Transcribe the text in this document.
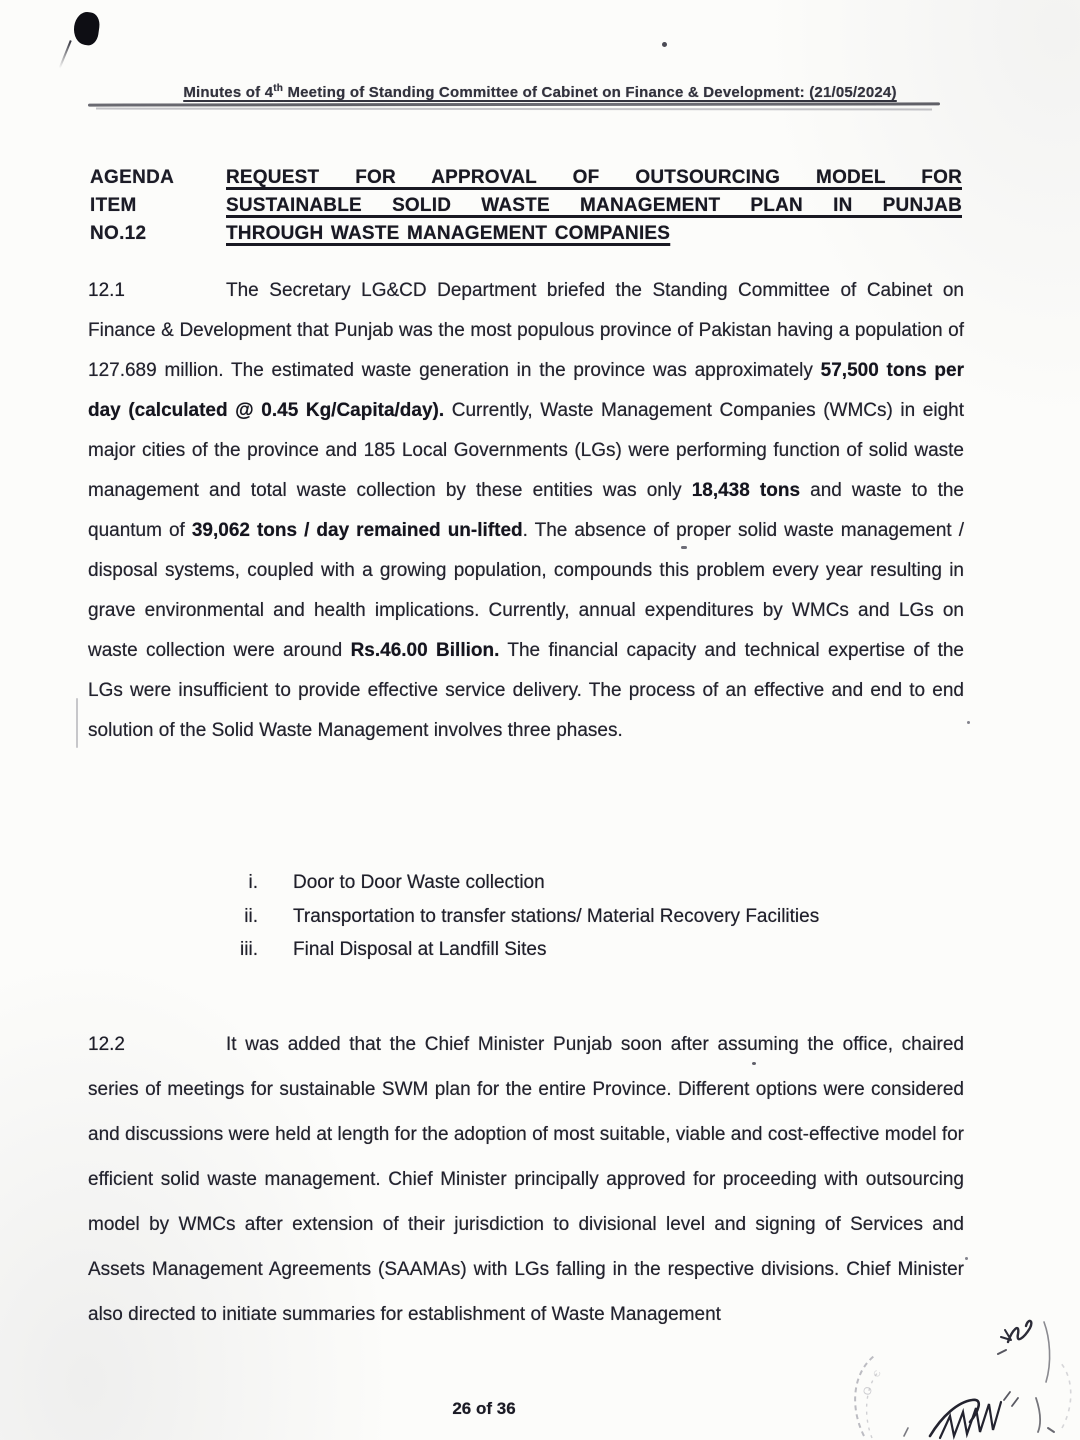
Minutes of 4th Meeting of Standing Committee of Cabinet on Finance & Development: (21/05/2024)
AGENDA
ITEM
NO.12
REQUEST FOR APPROVAL OF OUTSOURCING MODEL FOR
SUSTAINABLE SOLID WASTE MANAGEMENT PLAN IN PUNJAB
THROUGH WASTE MANAGEMENT COMPANIES
12.1	The Secretary LG&CD Department briefed the Standing Committee of Cabinet on Finance & Development that Punjab was the most populous province of Pakistan having a population of 127.689 million. The estimated waste generation in the province was approximately 57,500 tons per day (calculated @ 0.45 Kg/Capita/day). Currently, Waste Management Companies (WMCs) in eight major cities of the province and 185 Local Governments (LGs) were performing function of solid waste management and total waste collection by these entities was only 18,438 tons and waste to the quantum of 39,062 tons / day remained un-lifted. The absence of proper solid waste management / disposal systems, coupled with a growing population, compounds this problem every year resulting in grave environmental and health implications. Currently, annual expenditures by WMCs and LGs on waste collection were around Rs.46.00 Billion. The financial capacity and technical expertise of the LGs were insufficient to provide effective service delivery. The process of an effective and end to end solution of the Solid Waste Management involves three phases.
i. Door to Door Waste collection
ii. Transportation to transfer stations/ Material Recovery Facilities
iii. Final Disposal at Landfill Sites
12.2	It was added that the Chief Minister Punjab soon after assuming the office, chaired series of meetings for sustainable SWM plan for the entire Province. Different options were considered and discussions were held at length for the adoption of most suitable, viable and cost-effective model for efficient solid waste management. Chief Minister principally approved for proceeding with outsourcing model by WMCs after extension of their jurisdiction to divisional level and signing of Services and Assets Management Agreements (SAAMAs) with LGs falling in the respective divisions. Chief Minister also directed to initiate summaries for establishment of Waste Management
26 of 36
O
C
